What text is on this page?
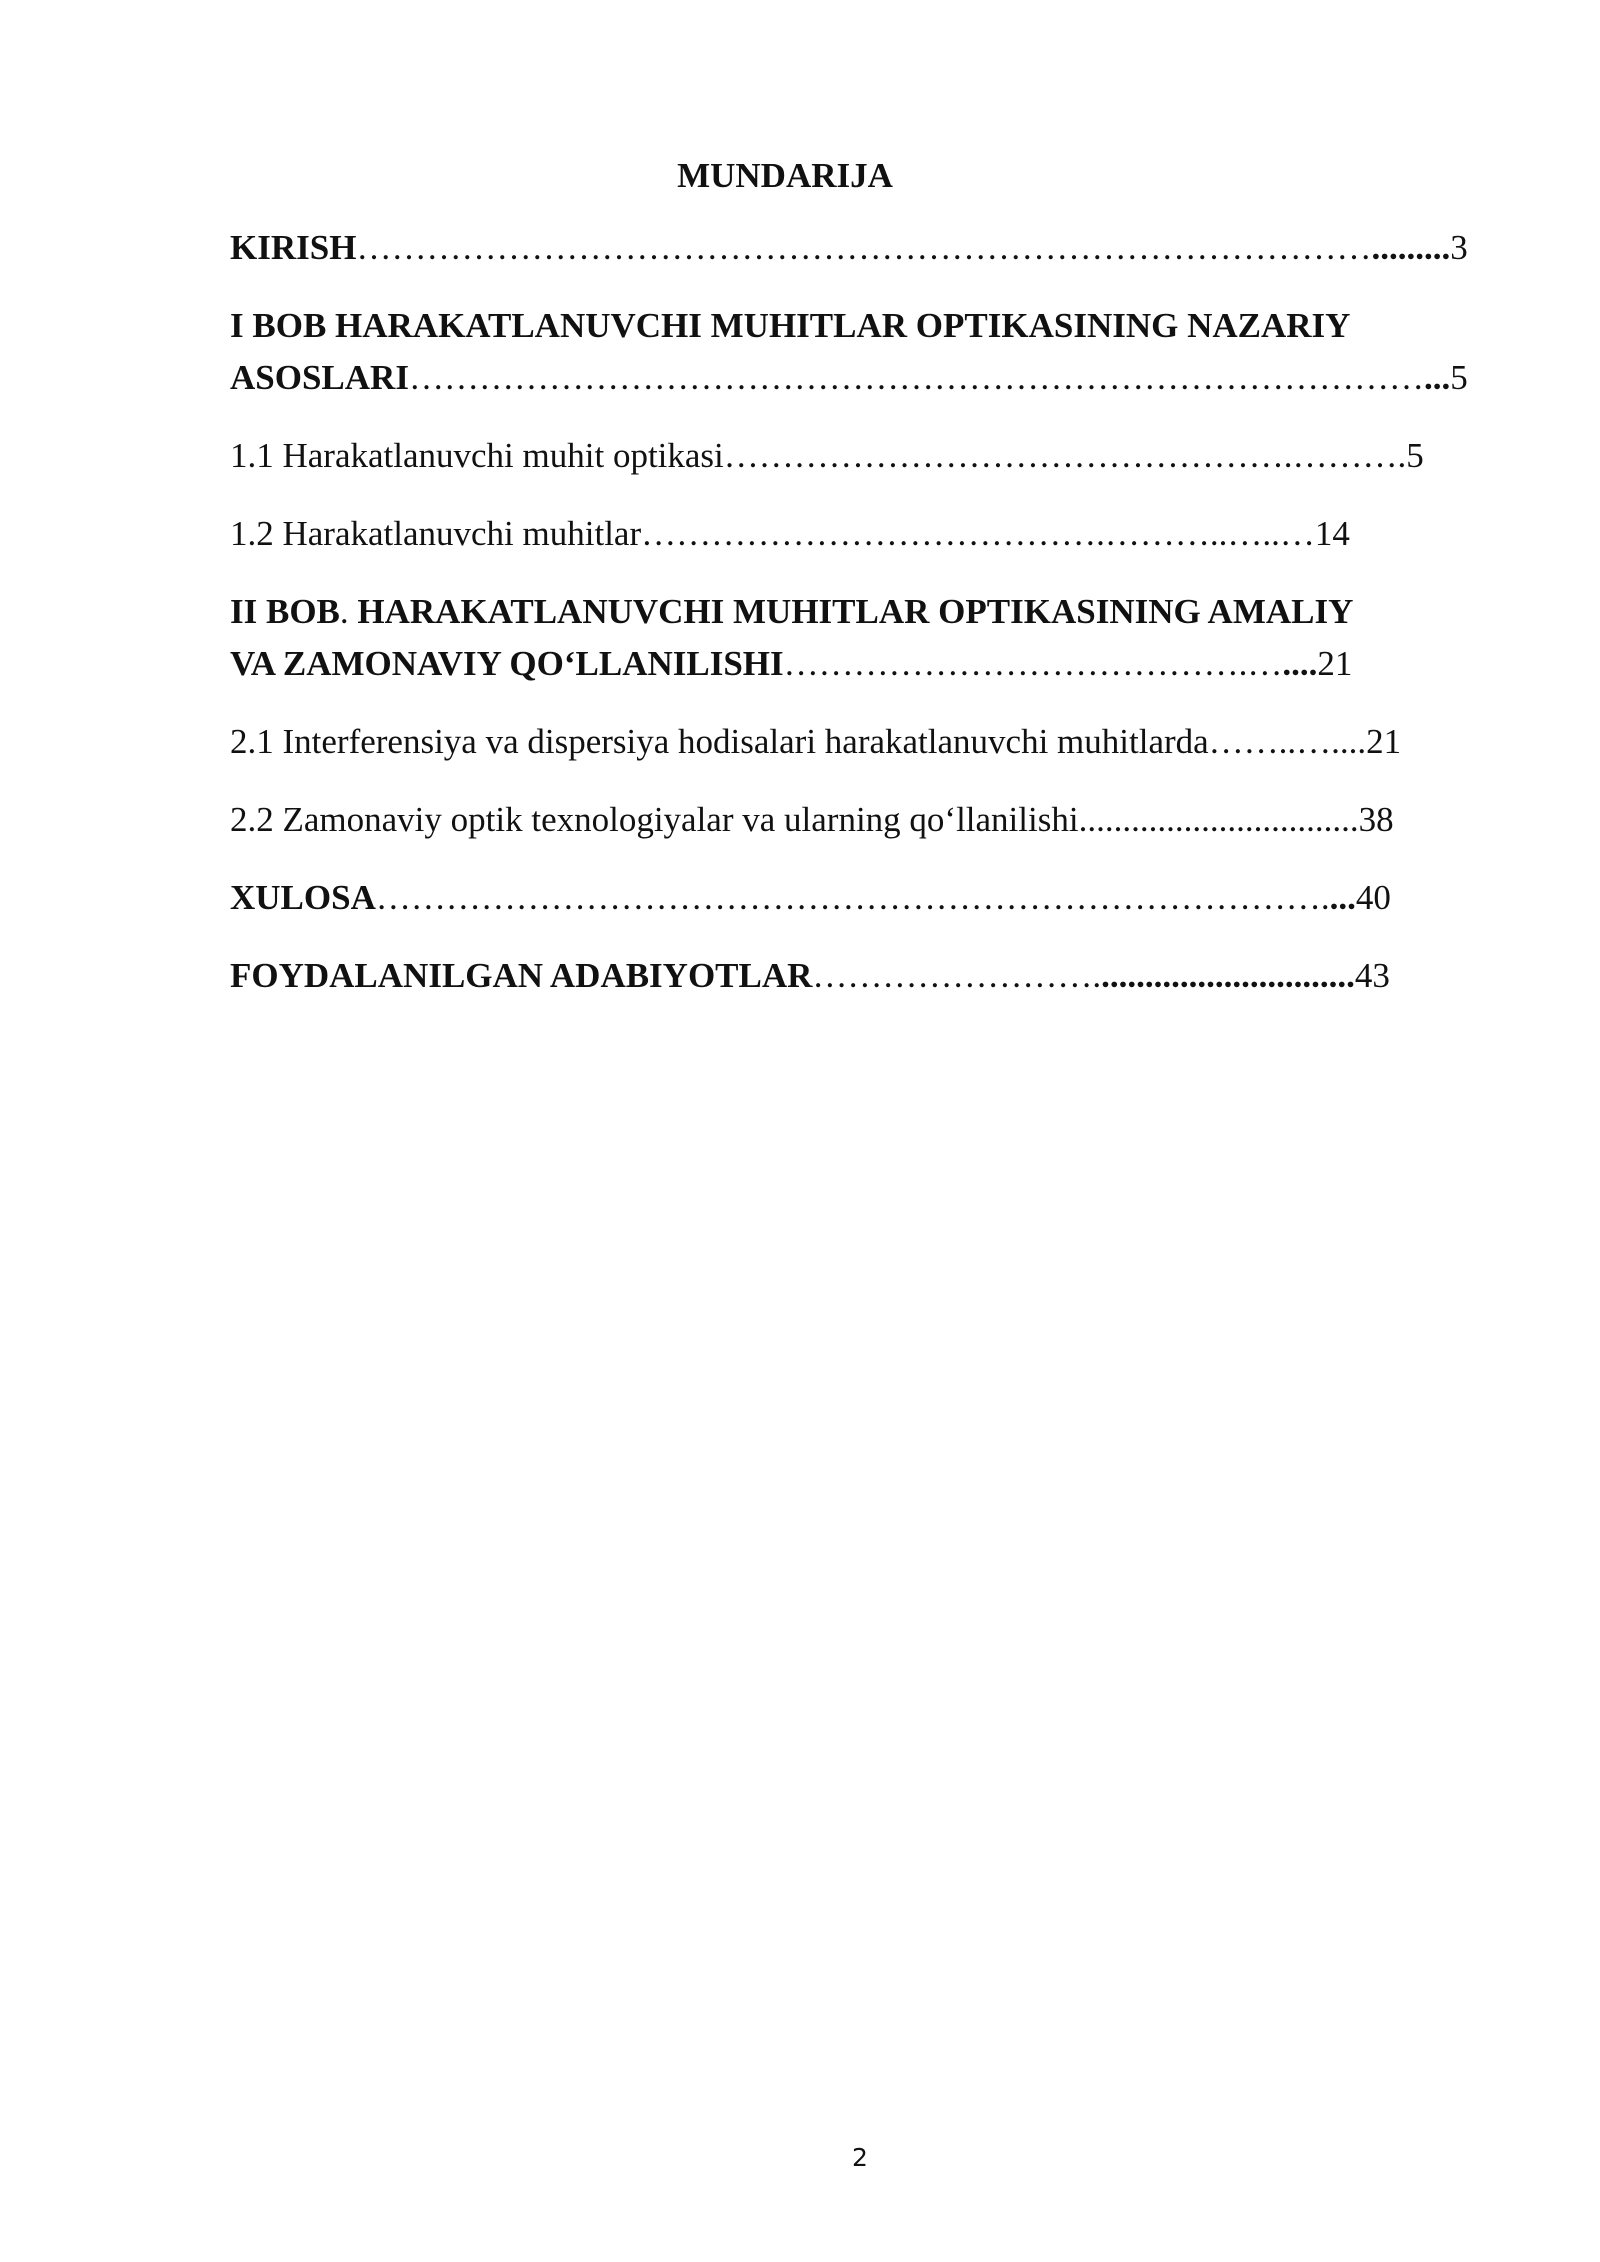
MUNDARIJA

KIRISH…………………………………………………………………………….........3

I BOB HARAKATLANUVCHI MUHITLAR OPTIKASINING NAZARIY

ASOSLARI……………………………………………………………………………...5

1.1 Harakatlanuvchi muhit optikasi………………………………………….……….5

1.2 Harakatlanuvchi muhitlar………………………………….………..…..…14

II BOB. HARAKATLANUVCHI MUHITLAR OPTIKASINING AMALIY

VA ZAMONAVIY QO‘LLANILISHI………………………………….…....21

2.1 Interferensiya va dispersiya hodisalari harakatlanuvchi muhitlarda……..…....21

2.2 Zamonaviy optik texnologiyalar va ularning qo‘llanilishi................................38

XULOSA………………………………………………………………………....40

FOYDALANILGAN ADABIYOTLAR……………………..............................43

2
